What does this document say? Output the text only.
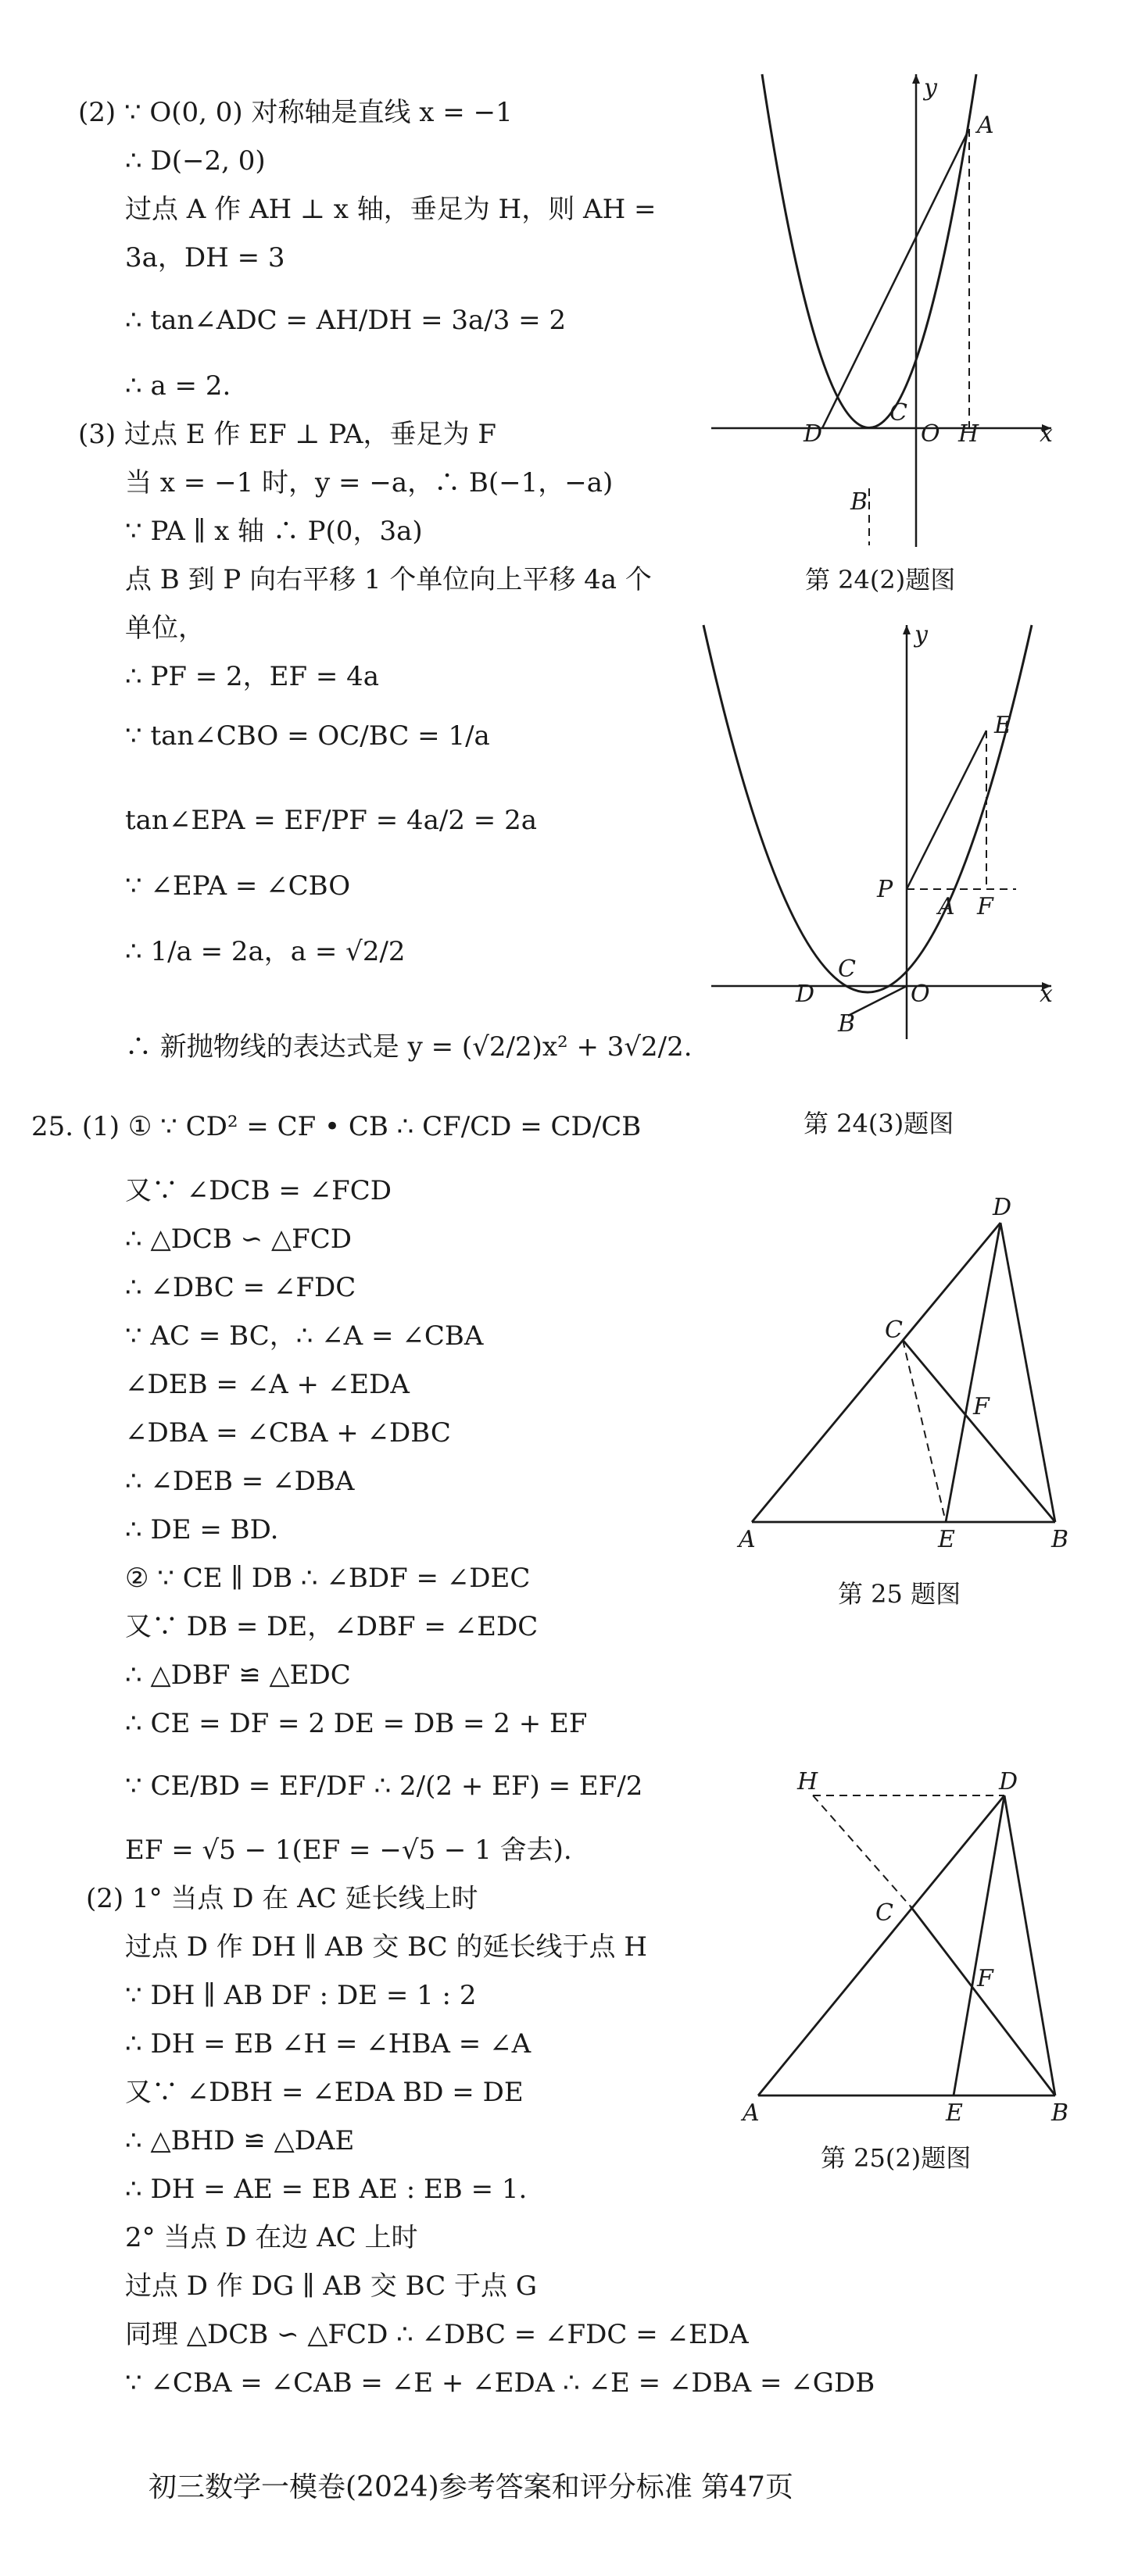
(2) ∵ O(0, 0) 对称轴是直线 x = −1
∴ D(−2, 0)
过点 A 作 AH ⊥ x 轴，垂足为 H，则 AH =
3a，DH = 3
∴ tan∠ADC = AH/DH = 3a/3 = 2
∴ a = 2.
(3) 过点 E 作 EF ⊥ PA，垂足为 F
当 x = −1 时，y = −a，∴ B(−1，−a)
∵ PA ∥ x 轴 ∴ P(0，3a)
点 B 到 P 向右平移 1 个单位向上平移 4a 个
单位，
∴ PF = 2，EF = 4a
∵ tan∠CBO = OC/BC = 1/a
tan∠EPA = EF/PF = 4a/2 = 2a
∵ ∠EPA = ∠CBO
∴ 1/a = 2a，a = √2/2
∴ 新抛物线的表达式是 y = (√2/2)x² + 3√2/2.
25. (1) ① ∵ CD² = CF • CB ∴ CF/CD = CD/CB
又∵ ∠DCB = ∠FCD
∴ △DCB ∽ △FCD
∴ ∠DBC = ∠FDC
∵ AC = BC，∴ ∠A = ∠CBA
∠DEB = ∠A + ∠EDA
∠DBA = ∠CBA + ∠DBC
∴ ∠DEB = ∠DBA
∴ DE = BD.
② ∵ CE ∥ DB ∴ ∠BDF = ∠DEC
又∵ DB = DE，∠DBF = ∠EDC
∴ △DBF ≌ △EDC
∴ CE = DF = 2 DE = DB = 2 + EF
∵ CE/BD = EF/DF ∴ 2/(2 + EF) = EF/2
EF = √5 − 1(EF = −√5 − 1 舍去).
(2) 1° 当点 D 在 AC 延长线上时
过点 D 作 DH ∥ AB 交 BC 的延长线于点 H
∵ DH ∥ AB DF : DE = 1 : 2
∴ DH = EB ∠H = ∠HBA = ∠A
又∵ ∠DBH = ∠EDA BD = DE
∴ △BHD ≌ △DAE
∴ DH = AE = EB AE : EB = 1.
2° 当点 D 在边 AC 上时
过点 D 作 DG ∥ AB 交 BC 于点 G
同理 △DCB ∽ △FCD ∴ ∠DBC = ∠FDC = ∠EDA
∵ ∠CBA = ∠CAB = ∠E + ∠EDA ∴ ∠E = ∠DBA = ∠GDB
y
A
C
D	O H	x
B
第 24(2)题图
y
E
P
A F
C
D	O	x
B
第 24(3)题图
D
C
F
A	E	B
第 25 题图
H	D
C
F
A	E	B
第 25(2)题图
初三数学一模卷(2024)参考答案和评分标准 第47页
